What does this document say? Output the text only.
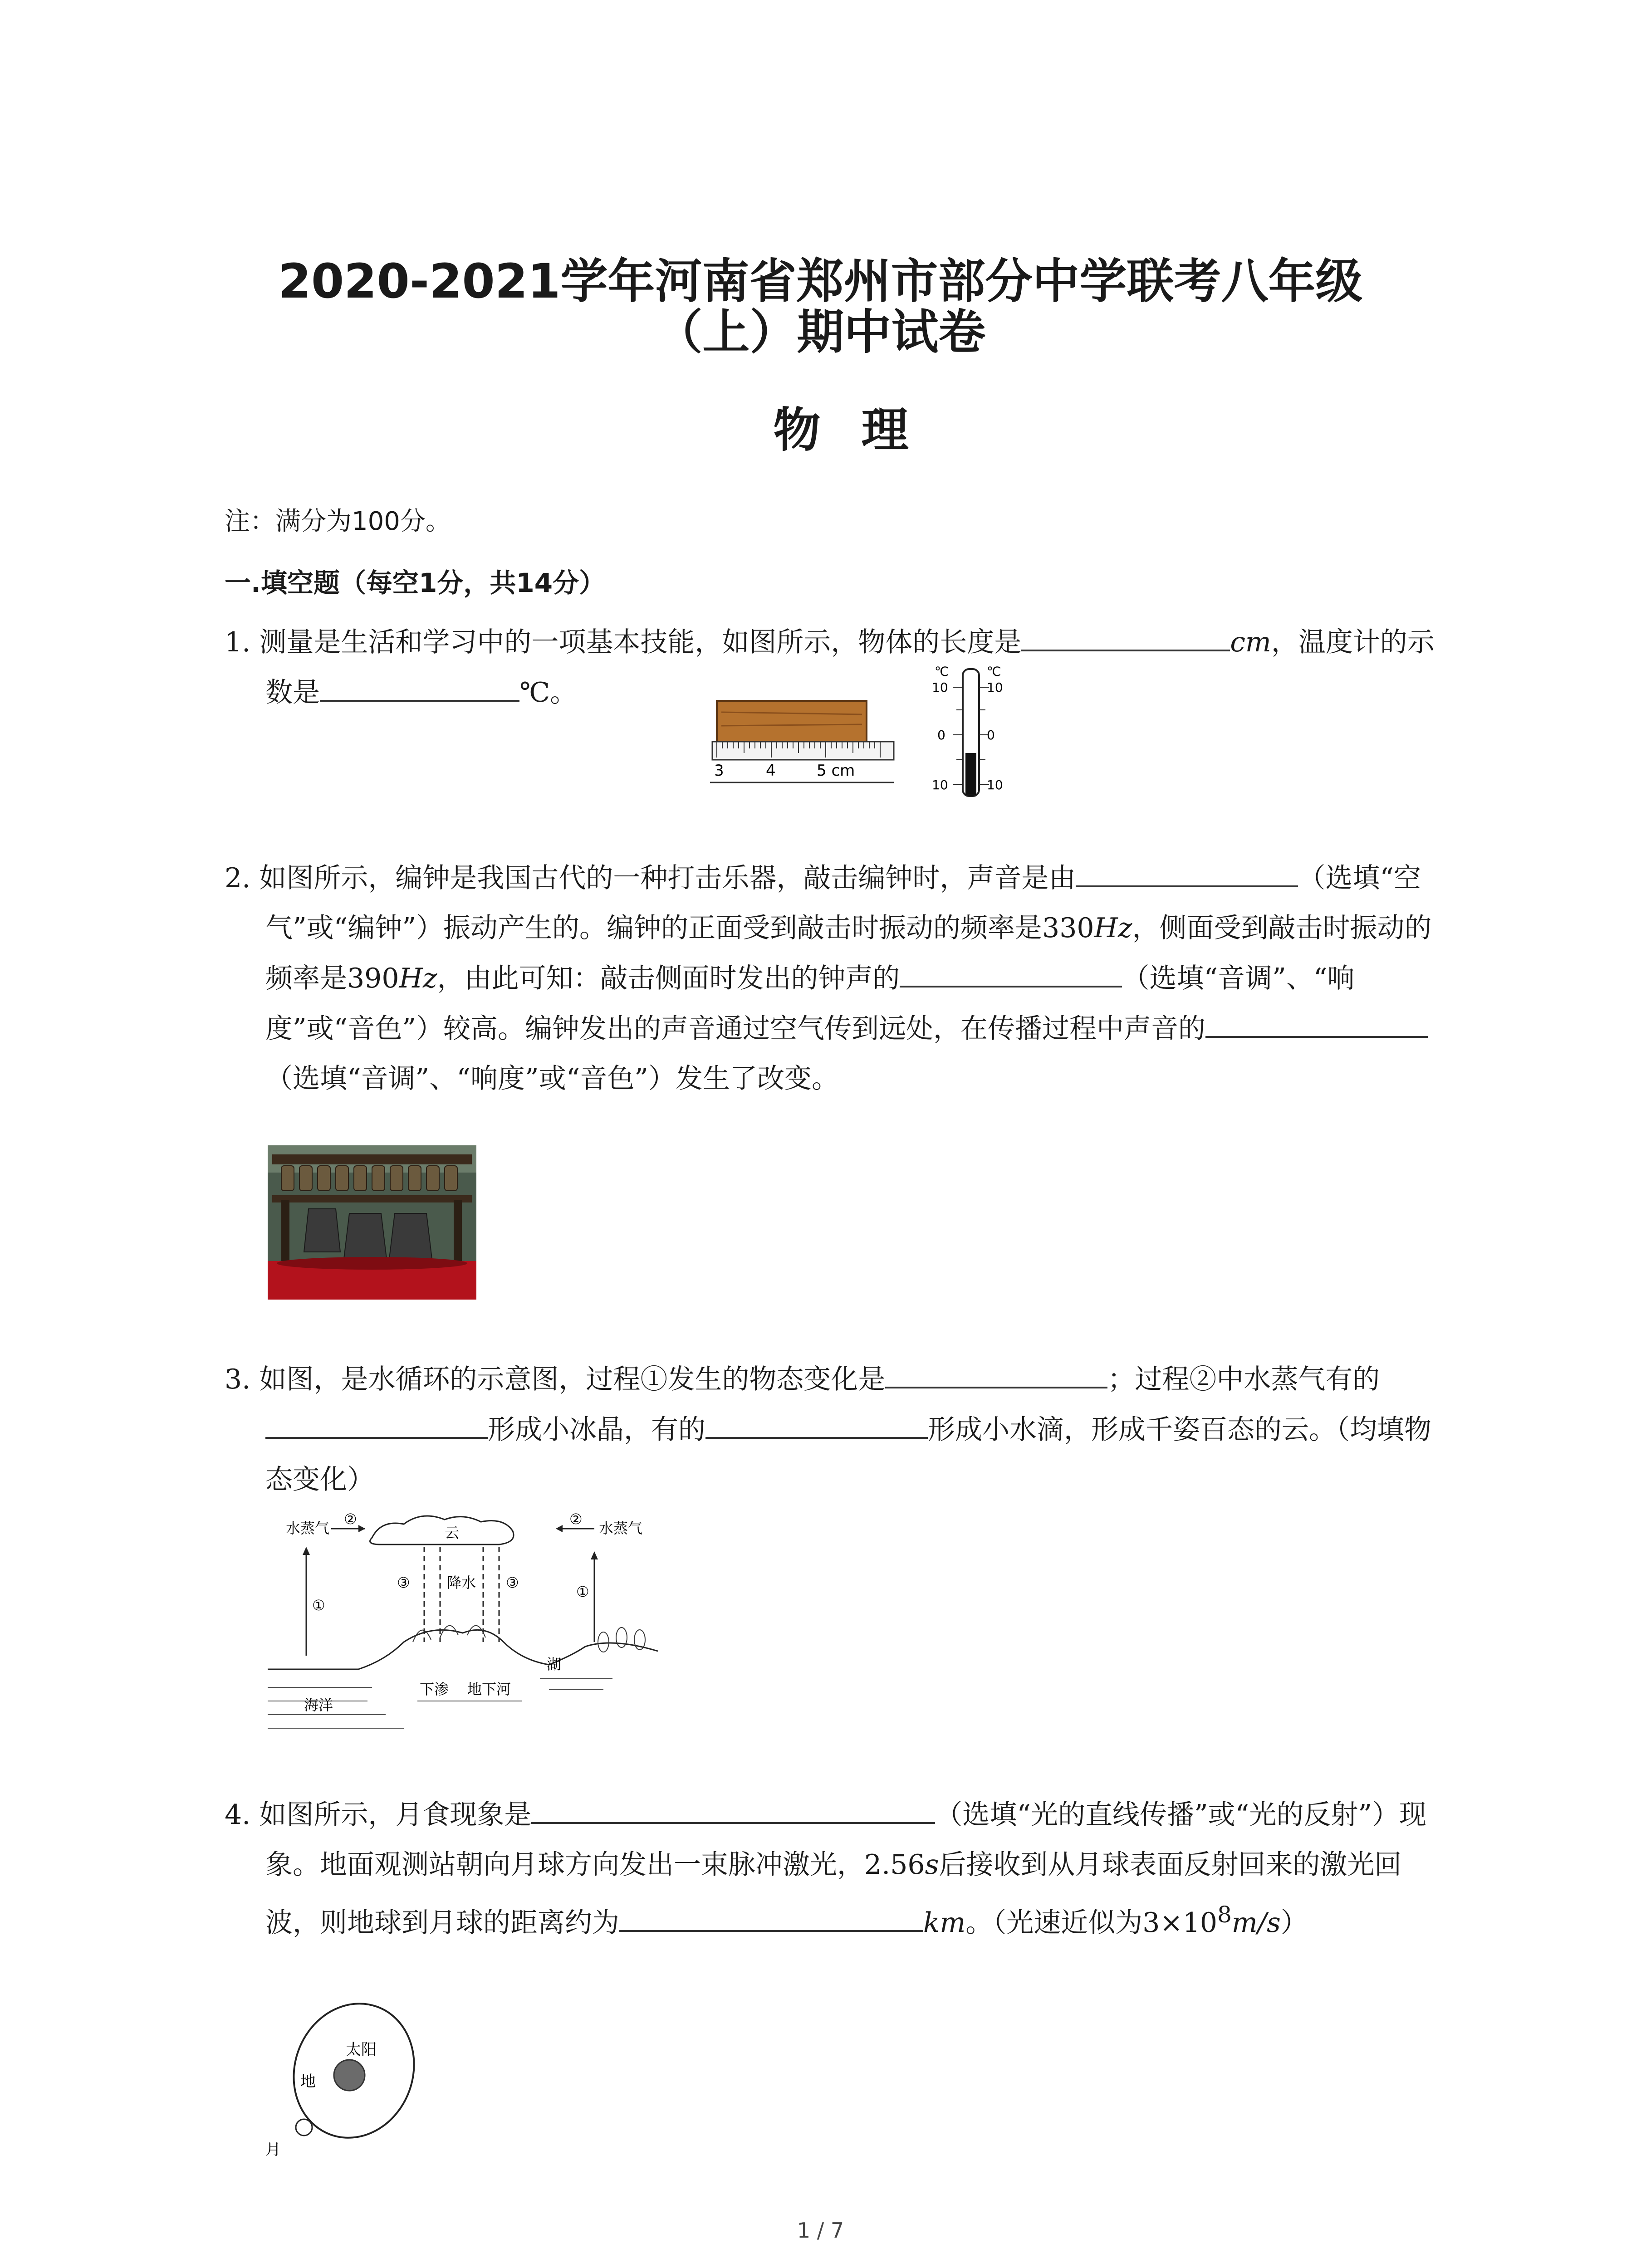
2020-2021学年河南省郑州市部分中学联考八年级
（上）期中试卷
物理
注：满分为100分。
一.填空题（每空1分，共14分）

1. 测量是生活和学习中的一项基本技能，如图所示，物体的长度是	cm，温度计的示数是	℃。

3	4	5 cm
℃	℃
10	10
0	0
10	10

2. 如图所示，编钟是我国古代的一种打击乐器，敲击编钟时，声音是由	（选填“空气”或“编钟”）振动产生的。编钟的正面受到敲击时振动的频率是330Hz，侧面受到敲击时振动的频率是390Hz，由此可知：敲击侧面时发出的钟声的	（选填“音调”、“响度”或“音色”）较高。编钟发出的声音通过空气传到远处，在传播过程中声音的（选填“音调”、“响度”或“音色”）发生了改变。

3. 如图，是水循环的示意图，过程①发生的物态变化是	；过程②中水蒸气有的形成小冰晶，有的	形成小水滴，形成千姿百态的云。（均填物态变化）

水蒸气
②
云
②
水蒸气
降水
③	③
①
①
海洋
下渗 地下河
湖

4. 如图所示，月食现象是	（选填“光的直线传播”或“光的反射”）现象。地面观测站朝向月球方向发出一束脉冲激光，2.56s后接收到从月球表面反射回来的激光回波，则地球到月球的距离约为	km。（光速近似为$3\times 10^8m/s$）

太阳
地
月
1 / 7
